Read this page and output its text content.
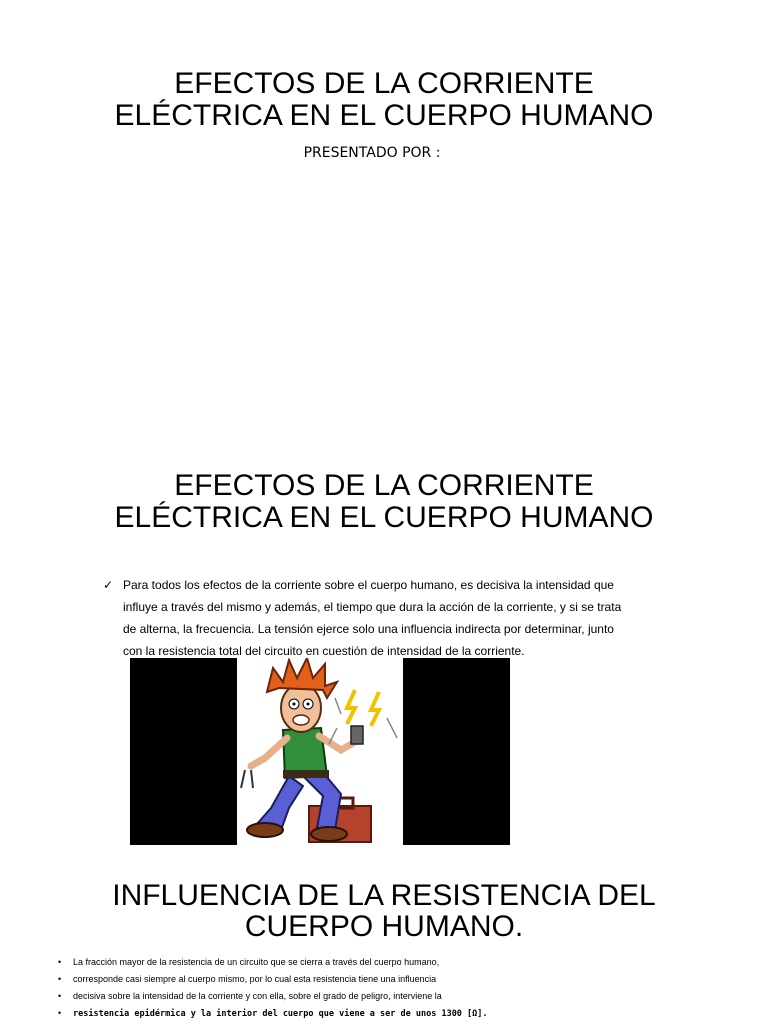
EFECTOS DE LA CORRIENTE
ELÉCTRICA EN EL CUERPO HUMANO
PRESENTADO POR :
EFECTOS DE LA CORRIENTE
ELÉCTRICA EN EL CUERPO HUMANO
✓ Para todos los efectos de la corriente sobre el cuerpo humano, es decisiva la intensidad que
influye a través del mismo y además, el tiempo que dura la acción de la corriente, y si se trata
de alterna, la frecuencia. La tensión ejerce solo una influencia indirecta por determinar, junto
con la resistencia total del circuito en cuestión de intensidad de la corriente.
INFLUENCIA DE LA RESISTENCIA DEL
CUERPO HUMANO.
• La fracción mayor de la resistencia de un circuito que se cierra a través del cuerpo humano,
• corresponde casi siempre al cuerpo mismo, por lo cual esta resistencia tiene una influencia
• decisiva sobre la intensidad de la corriente y con ella, sobre el grado de peligro, interviene la
• resistencia epidérmica y la interior del cuerpo que viene a ser de unos 1300 [Ω].
